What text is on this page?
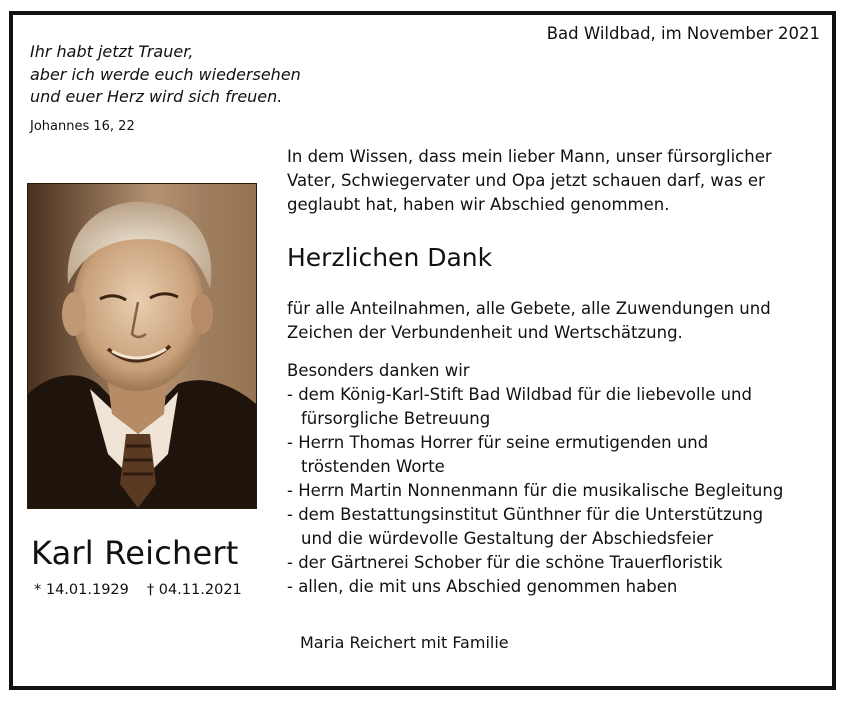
Bad Wildbad, im November 2021
Ihr habt jetzt Trauer,
aber ich werde euch wiedersehen
und euer Herz wird sich freuen.
Johannes 16, 22
Karl Reichert
* 14.01.1929 † 04.11.2021
In dem Wissen, dass mein lieber Mann, unser fürsorglicher
Vater, Schwiegervater und Opa jetzt schauen darf, was er
geglaubt hat, haben wir Abschied genommen.
Herzlichen Dank
für alle Anteilnahmen, alle Gebete, alle Zuwendungen und
Zeichen der Verbundenheit und Wertschätzung.
Besonders danken wir
- dem König-Karl-Stift Bad Wildbad für die liebevolle und
fürsorgliche Betreuung
- Herrn Thomas Horrer für seine ermutigenden und
tröstenden Worte
- Herrn Martin Nonnenmann für die musikalische Begleitung
- dem Bestattungsinstitut Günthner für die Unterstützung
und die würdevolle Gestaltung der Abschiedsfeier
- der Gärtnerei Schober für die schöne Trauerfloristik
- allen, die mit uns Abschied genommen haben
Maria Reichert mit Familie
